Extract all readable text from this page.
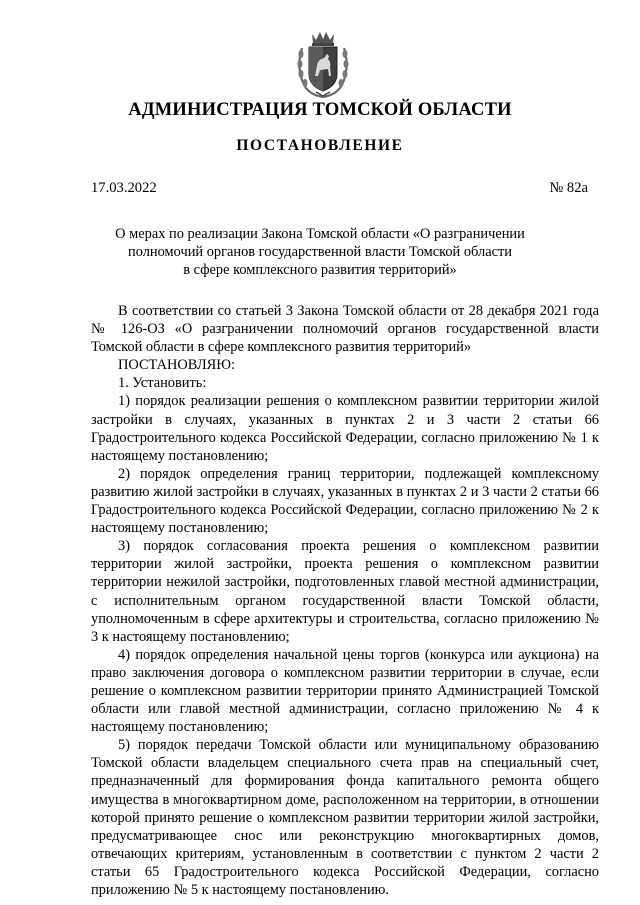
АДМИНИСТРАЦИЯ ТОМСКОЙ ОБЛАСТИ
ПОСТАНОВЛЕНИЕ
17.03.2022	№ 82а
О мерах по реализации Закона Томской области «О разграничении
полномочий органов государственной власти Томской области
в сфере комплексного развития территорий»

В соответствии со статьей 3 Закона Томской области от 28 декабря 2021 года № 126-ОЗ «О разграничении полномочий органов государственной власти Томской области в сфере комплексного развития территорий»

ПОСТАНОВЛЯЮ:

1. Установить:

1) порядок реализации решения о комплексном развитии территории жилой застройки в случаях, указанных в пунктах 2 и 3 части 2 статьи 66 Градостроительного кодекса Российской Федерации, согласно приложению № 1 к настоящему постановлению;

2) порядок определения границ территории, подлежащей комплексному развитию жилой застройки в случаях, указанных в пунктах 2 и 3 части 2 статьи 66 Градостроительного кодекса Российской Федерации, согласно приложению № 2 к настоящему постановлению;

3) порядок согласования проекта решения о комплексном развитии территории жилой застройки, проекта решения о комплексном развитии территории нежилой застройки, подготовленных главой местной администрации, с исполнительным органом государственной власти Томской области, уполномоченным в сфере архитектуры и строительства, согласно приложению № 3 к настоящему постановлению;

4) порядок определения начальной цены торгов (конкурса или аукциона) на право заключения договора о комплексном развитии территории в случае, если решение о комплексном развитии территории принято Администрацией Томской области или главой местной администрации, согласно приложению № 4 к настоящему постановлению;

5) порядок передачи Томской области или муниципальному образованию Томской области владельцем специального счета прав на специальный счет, предназначенный для формирования фонда капитального ремонта общего имущества в многоквартирном доме, расположенном на территории, в отношении которой принято решение о комплексном развитии территории жилой застройки, предусматривающее снос или реконструкцию многоквартирных домов, отвечающих критериям, установленным в соответствии с пунктом 2 части 2 статьи 65 Градостроительного кодекса Российской Федерации, согласно приложению № 5 к настоящему постановлению.
